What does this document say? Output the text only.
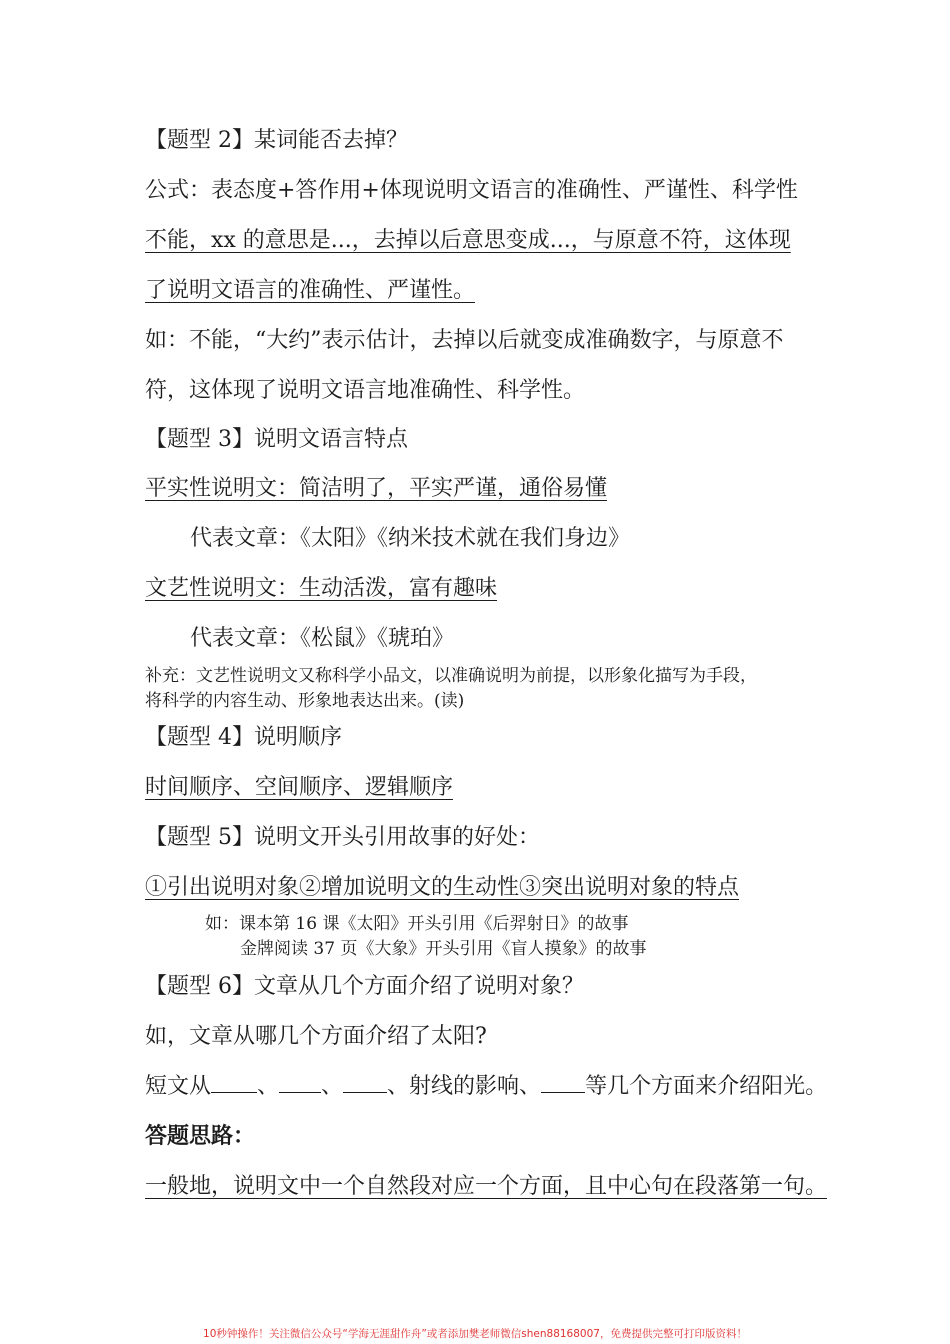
【题型 2】某词能否去掉？
公式：表态度+答作用+体现说明文语言的准确性、严谨性、科学性
不能，xx 的意思是...，去掉以后意思变成...，与原意不符，这体现
了说明文语言的准确性、严谨性。
如：不能，“大约”表示估计，去掉以后就变成准确数字，与原意不
符，这体现了说明文语言地准确性、科学性。
【题型 3】说明文语言特点
平实性说明文：简洁明了，平实严谨，通俗易懂
代表文章：《太阳》《纳米技术就在我们身边》
文艺性说明文：生动活泼，富有趣味
代表文章：《松鼠》《琥珀》
补充：文艺性说明文又称科学小品文，以准确说明为前提，以形象化描写为手段，
将科学的内容生动、形象地表达出来。(读)
【题型 4】说明顺序
时间顺序、空间顺序、逻辑顺序
【题型 5】说明文开头引用故事的好处：
①引出说明对象②增加说明文的生动性③突出说明对象的特点
如：课本第 16 课《太阳》开头引用《后羿射日》的故事
金牌阅读 37 页《大象》开头引用《盲人摸象》的故事
【题型 6】文章从几个方面介绍了说明对象？
如，文章从哪几个方面介绍了太阳?
短文从 、 、 、射线的影响、 等几个方面来介绍阳光。
答题思路：
一般地，说明文中一个自然段对应一个方面，且中心句在段落第一句。
10秒钟操作！关注微信公众号“学海无涯甜作舟”或者添加樊老师微信shen88168007，免费提供完整可打印版资料！
